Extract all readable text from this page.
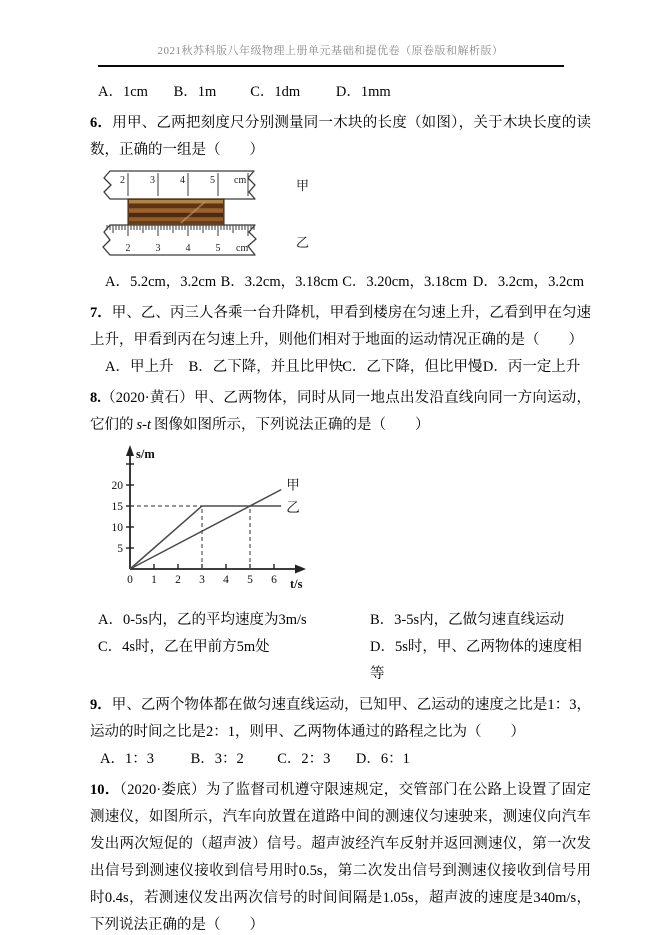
2021秋苏科版八年级物理上册单元基础和提优卷（原卷版和解析版）
A．1cm B．1m C．1dm D．1mm

6．用甲、乙两把刻度尺分别测量同一木块的长度（如图），关于木块长度的读数，正确的一组是（　　）

2	3	4	5 cm
2	3	4	5 cm
甲
乙
A．5.2cm，3.2cm B．3.2cm，3.18cm C．3.20cm，3.18cm D．3.2cm，3.2cm

7．甲、乙、丙三人各乘一台升降机，甲看到楼房在匀速上升，乙看到甲在匀速上升，甲看到丙在匀速上升，则他们相对于地面的运动情况正确的是（　　）

A．甲上升 B．乙下降，并且比甲快 C．乙下降，但比甲慢 D．丙一定上升

8.（2020·黄石）甲、乙两物体，同时从同一地点出发沿直线向同一方向运动，它们的 s-t 图像如图所示，下列说法正确的是（　　）

0 1 2 3 4 5 6
5
10
15
20	甲
乙
s/m
t/s
A．0-5s内，乙的平均速度为3m/s	B．3-5s内，乙做匀速直线运动
C．4s时，乙在甲前方5m处	D．5s时，甲、乙两物体的速度相等

9．甲、乙两个物体都在做匀速直线运动，已知甲、乙运动的速度之比是1：3，运动的时间之比是2：1，则甲、乙两物体通过的路程之比为（　　）

A．1：3	B．3：2 C．2：3 D．6：1

10．（2020·娄底）为了监督司机遵守限速规定，交管部门在公路上设置了固定测速仪，如图所示，汽车向放置在道路中间的测速仪匀速驶来，测速仪向汽车发出两次短促的（超声波）信号。超声波经汽车反射并返回测速仪，第一次发出信号到测速仪接收到信号用时0.5s，第二次发出信号到测速仪接收到信号用时0.4s，若测速仪发出两次信号的时间间隔是1.05s，超声波的速度是340m/s，下列说法正确的是（　　）
